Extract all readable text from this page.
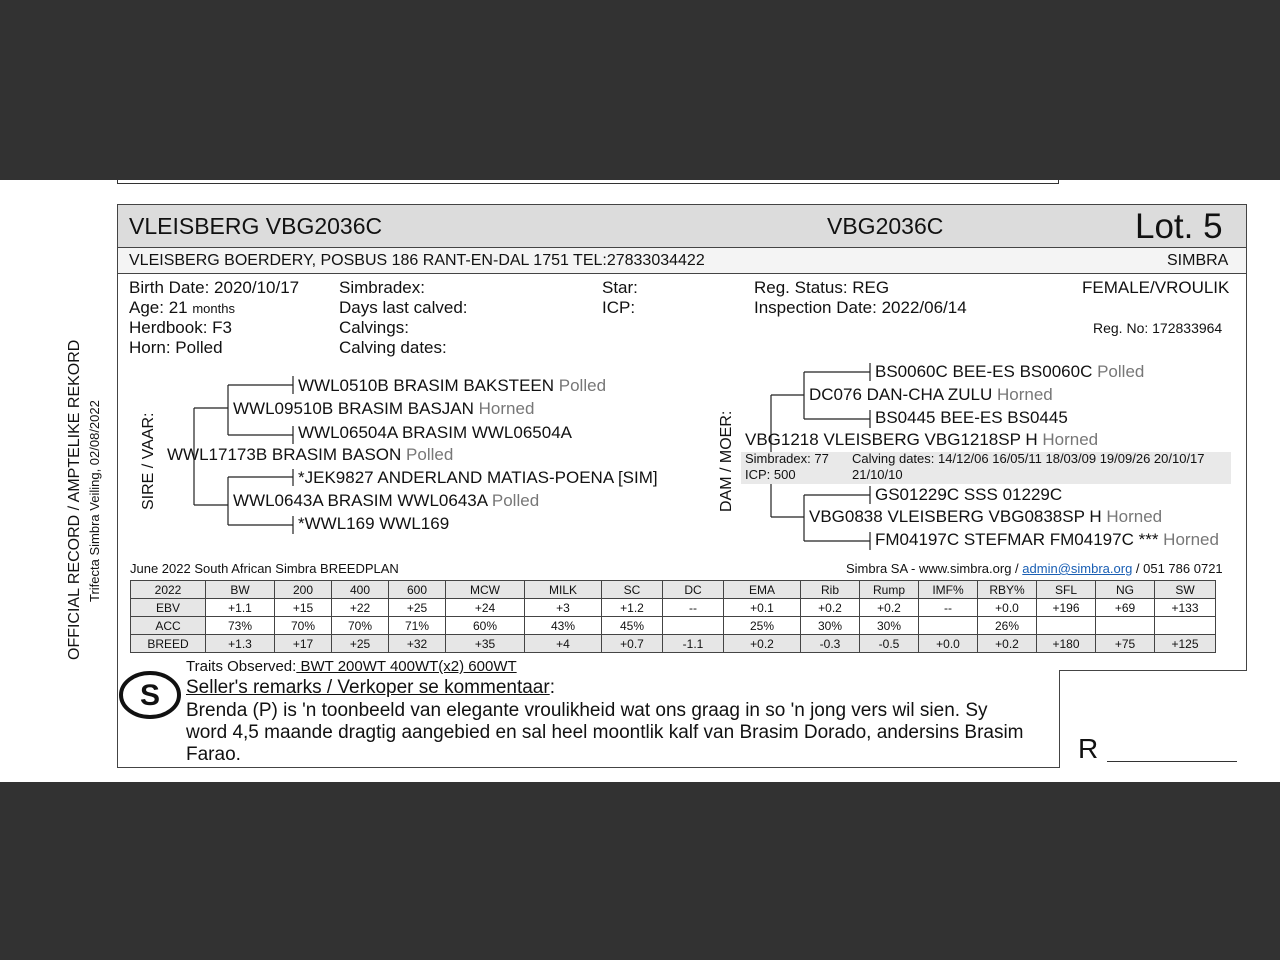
OFFICIAL RECORD / AMPTELIKE REKORD Trifecta Simbra Veiling, 02/08/2022
VLEISBERG VBG2036C	VBG2036C	Lot. 5
VLEISBERG BOERDERY, POSBUS 186 RANT-EN-DAL 1751 TEL:27833034422	SIMBRA
Birth Date: 2020/10/17
Age: 21 months
Herdbook: F3
Horn: Polled
Simbradex:
Days last calved:
Calvings:
Calving dates:
Star:
ICP:
Reg. Status: REG
Inspection Date: 2022/06/14
FEMALE/VROULIK
Reg. No: 172833964
SIRE / VAAR:
WWL0510B BRASIM BAKSTEEN Polled
WWL09510B BRASIM BASJAN Horned
WWL06504A BRASIM WWL06504A
WWL17173B BRASIM BASON Polled
*JEK9827 ANDERLAND MATIAS-POENA [SIM]
WWL0643A BRASIM WWL0643A Polled
*WWL169 WWL169
DAM / MOER:
BS0060C BEE-ES BS0060C Polled
DC076 DAN-CHA ZULU Horned
BS0445 BEE-ES BS0445
VBG1218 VLEISBERG VBG1218SP H Horned
Simbradex: 77
ICP: 500
Calving dates: 14/12/06 16/05/11 18/03/09 19/09/26 20/10/17
21/10/10
GS01229C SSS 01229C
VBG0838 VLEISBERG VBG0838SP H Horned
FM04197C STEFMAR FM04197C *** Horned
June 2022 South African Simbra BREEDPLAN	Simbra SA - www.simbra.org / admin@simbra.org / 051 786 0721
2022	BW	200	400	600	MCW	MILK	SC	DC	EMA	Rib	Rump	IMF%	RBY%	SFL	NG	SW
EBV	+1.1	+15	+22	+25	+24	+3	+1.2	--	+0.1	+0.2	+0.2	--	+0.0	+196	+69	+133
ACC	73%	70%	70%	71%	60%	43%	45%		25%	30%	30%		26%			
BREED	+1.3	+17	+25	+32	+35	+4	+0.7	-1.1	+0.2	-0.3	-0.5	+0.0	+0.2	+180	+75	+125
S
Traits Observed: BWT 200WT 400WT(x2) 600WT
Seller's remarks / Verkoper se kommentaar:
Brenda (P) is 'n toonbeeld van elegante vroulikheid wat ons graag in so 'n jong vers wil sien. Sy
word 4,5 maande dragtig aangebied en sal heel moontlik kalf van Brasim Dorado, andersins Brasim
Farao.	R
